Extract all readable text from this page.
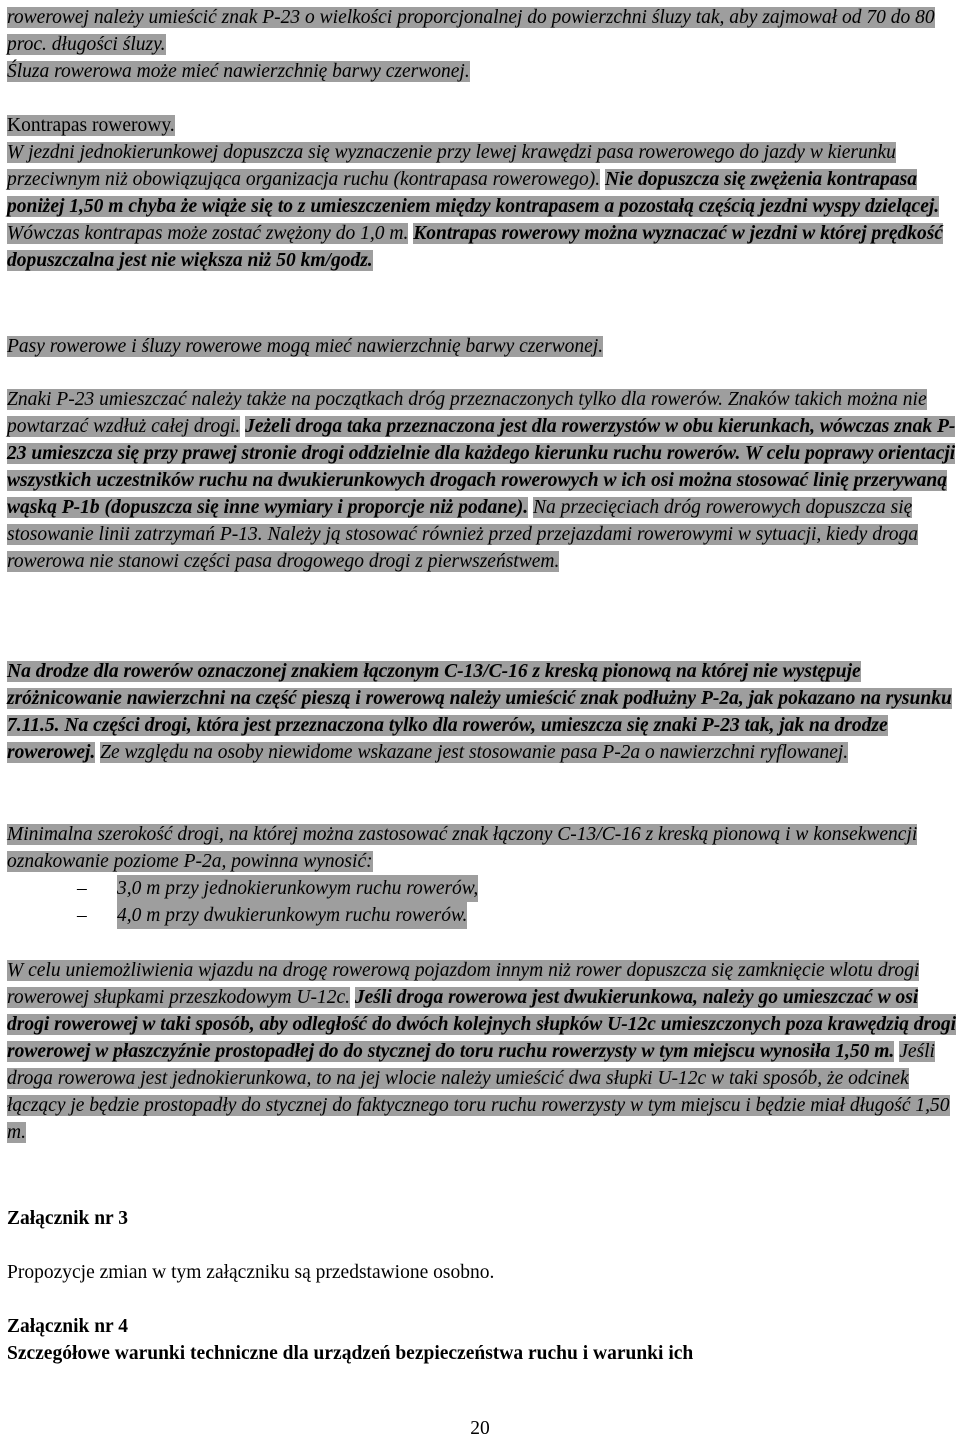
rowerowej należy umieścić znak P-23 o wielkości proporcjonalnej do powierzchni śluzy tak, aby zajmował od 70 do 80 proc. długości śluzy.
Śluza rowerowa może mieć nawierzchnię barwy czerwonej.

Kontrapas rowerowy.
W jezdni jednokierunkowej dopuszcza się wyznaczenie przy lewej krawędzi pasa rowerowego do jazdy w kierunku przeciwnym niż obowiązująca organizacja ruchu (kontrapasa rowerowego). Nie dopuszcza się zwężenia kontrapasa poniżej 1,50 m chyba że wiąże się to z umieszczeniem między kontrapasem a pozostałą częścią jezdni wyspy dzielącej. Wówczas kontrapas może zostać zwężony do 1,0 m. Kontrapas rowerowy można wyznaczać w jezdni w której prędkość dopuszczalna jest nie większa niż 50 km/godz.

Pasy rowerowe i śluzy rowerowe mogą mieć nawierzchnię barwy czerwonej.

Znaki P-23 umieszczać należy także na początkach dróg przeznaczonych tylko dla rowerów. Znaków takich można nie powtarzać wzdłuż całej drogi. Jeżeli droga taka przeznaczona jest dla rowerzystów w obu kierunkach, wówczas znak P-23 umieszcza się przy prawej stronie drogi oddzielnie dla każdego kierunku ruchu rowerów. W celu poprawy orientacji wszystkich uczestników ruchu na dwukierunkowych drogach rowerowych w ich osi można stosować linię przerywaną wąską P-1b (dopuszcza się inne wymiary i proporcje niż podane). Na przecięciach dróg rowerowych dopuszcza się stosowanie linii zatrzymań P-13. Należy ją stosować również przed przejazdami rowerowymi w sytuacji, kiedy droga rowerowa nie stanowi części pasa drogowego drogi z pierwszeństwem.

Na drodze dla rowerów oznaczonej znakiem łączonym C-13/C-16 z kreską pionową na której nie występuje zróżnicowanie nawierzchni na część pieszą i rowerową należy umieścić znak podłużny P-2a, jak pokazano na rysunku 7.11.5. Na części drogi, która jest przeznaczona tylko dla rowerów, umieszcza się znaki P-23 tak, jak na drodze rowerowej. Ze względu na osoby niewidome wskazane jest stosowanie pasa P-2a o nawierzchni ryflowanej.

Minimalna szerokość drogi, na której można zastosować znak łączony C-13/C-16 z kreską pionową i w konsekwencji oznakowanie poziome P-2a, powinna wynosić:

– 3,0 m przy jednokierunkowym ruchu rowerów,
– 4,0 m przy dwukierunkowym ruchu rowerów.

W celu uniemożliwienia wjazdu na drogę rowerową pojazdom innym niż rower dopuszcza się zamknięcie wlotu drogi rowerowej słupkami przeszkodowym U-12c. Jeśli droga rowerowa jest dwukierunkowa, należy go umieszczać w osi drogi rowerowej w taki sposób, aby odległość do dwóch kolejnych słupków U-12c umieszczonych poza krawędzią drogi rowerowej w płaszczyźnie prostopadłej do do stycznej do toru ruchu rowerzysty w tym miejscu wynosiła 1,50 m. Jeśli droga rowerowa jest jednokierunkowa, to na jej wlocie należy umieścić dwa słupki U-12c w taki sposób, że odcinek łączący je będzie prostopadły do stycznej do faktycznego toru ruchu rowerzysty w tym miejscu i będzie miał długość 1,50 m.

Załącznik nr 3

Propozycje zmian w tym załączniku są przedstawione osobno.

Załącznik nr 4

Szczegółowe warunki techniczne dla urządzeń bezpieczeństwa ruchu i warunki ich

20
